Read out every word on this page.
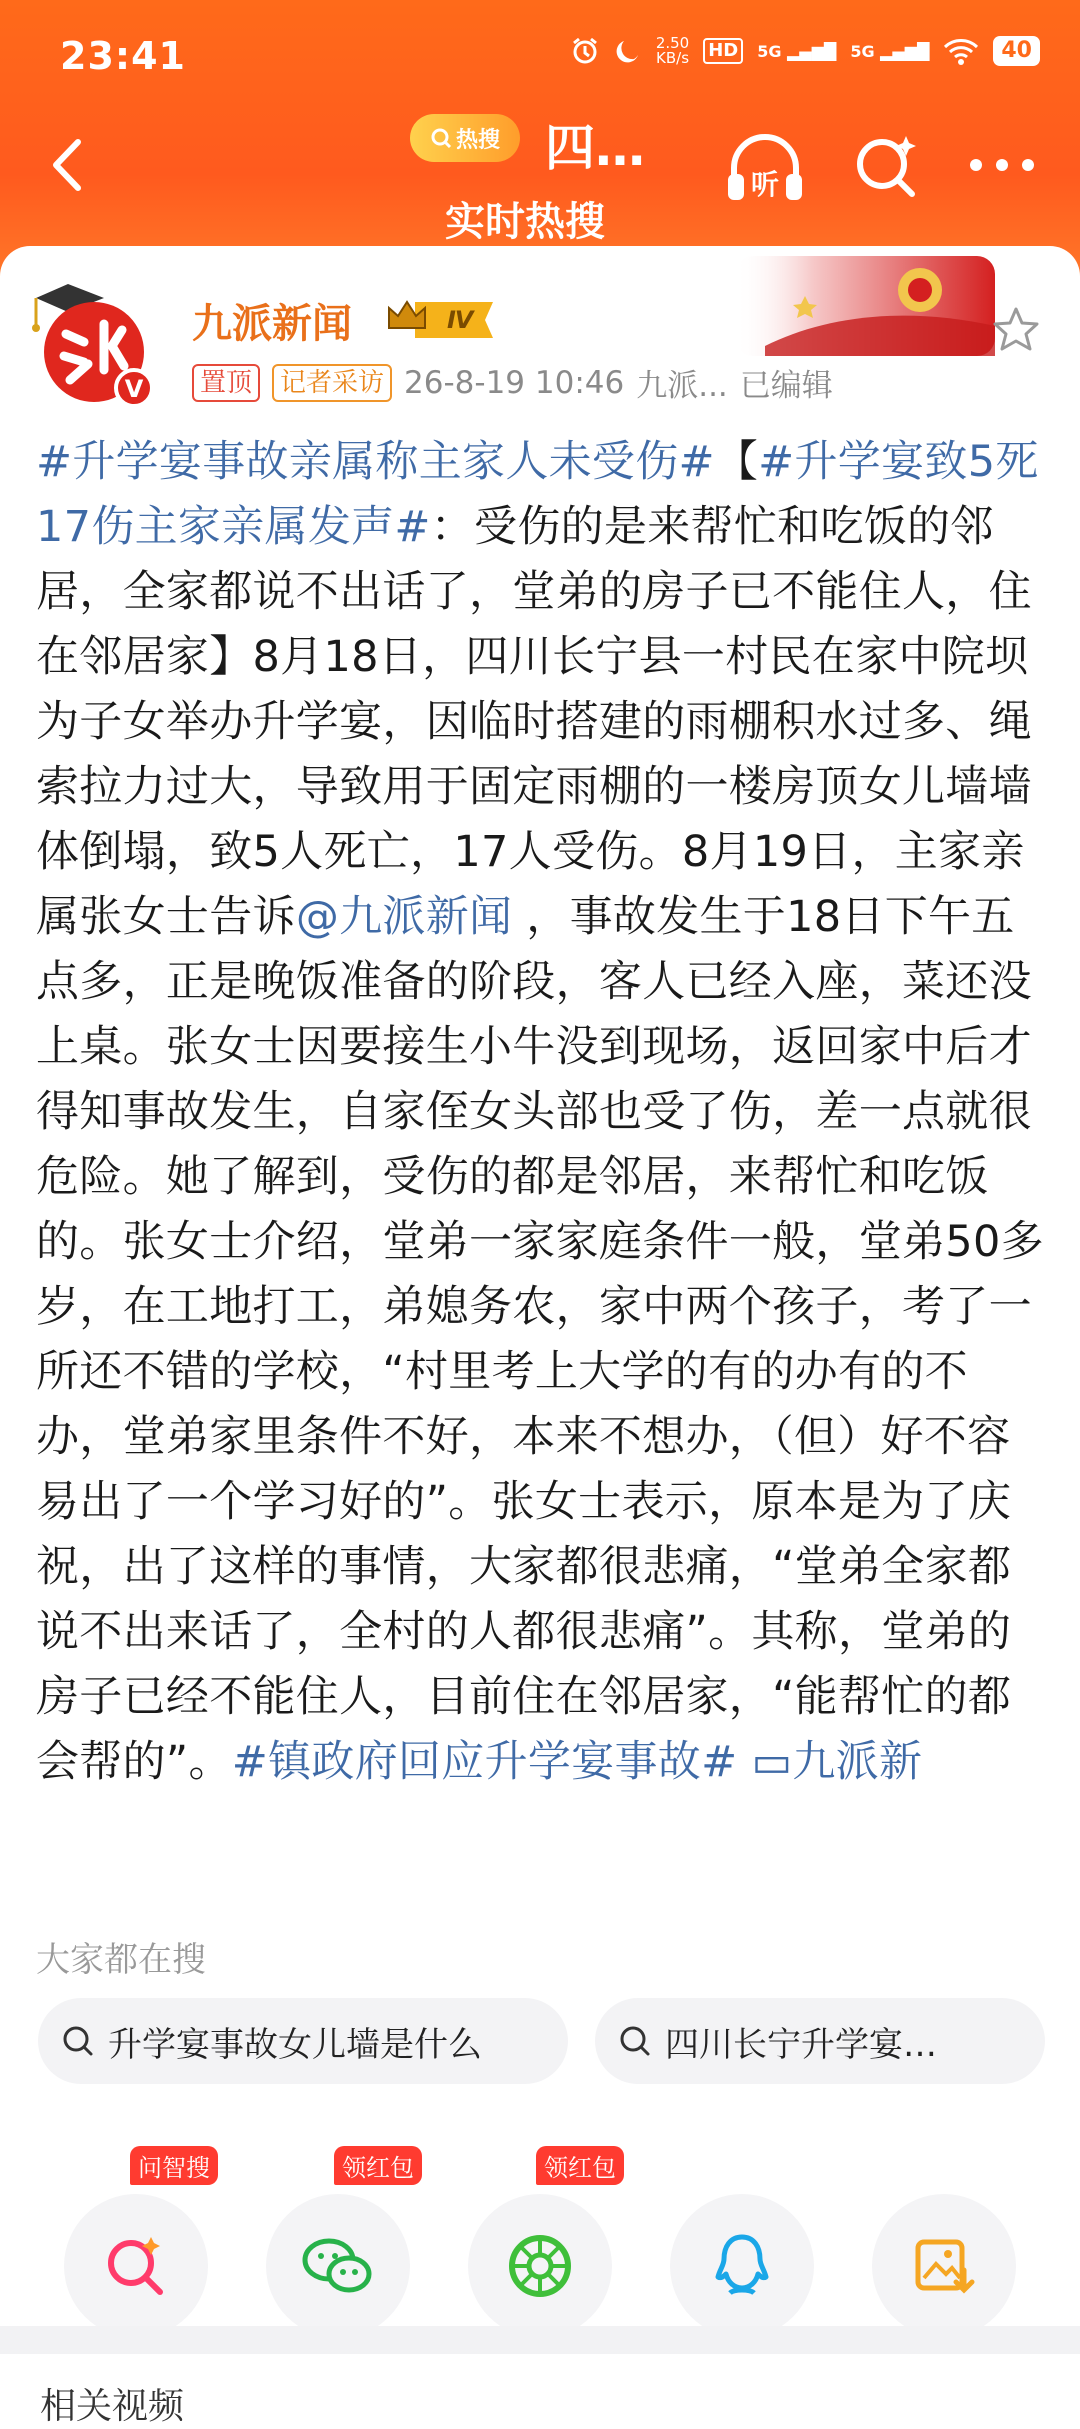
23:41	2.50
KB/s HD	5G ▂▄▆█ 5G ▂▄▆█	40
热搜 四…
实时热搜
听
V
九派新闻	Ⅳ
置顶	记者采访 26-8-19 10:46 九派... 已编辑
#升学宴事故亲属称主家人未受伤#【#升学宴致5死17伤主家亲属发声#：受伤的是来帮忙和吃饭的邻居，全家都说不出话了，堂弟的房子已不能住人，住在邻居家】8月18日，四川长宁县一村民在家中院坝为子女举办升学宴，因临时搭建的雨棚积水过多、绳索拉力过大，导致用于固定雨棚的一楼房顶女儿墙墙体倒塌，致5人死亡，17人受伤。8月19日，主家亲属张女士告诉@九派新闻 ，事故发生于18日下午五点多，正是晚饭准备的阶段，客人已经入座，菜还没上桌。张女士因要接生小牛没到现场，返回家中后才得知事故发生，自家侄女头部也受了伤，差一点就很危险。她了解到，受伤的都是邻居，来帮忙和吃饭的。张女士介绍，堂弟一家家庭条件一般，堂弟50多岁，在工地打工，弟媳务农，家中两个孩子，考了一所还不错的学校，“村里考上大学的有的办有的不办，堂弟家里条件不好，本来不想办，（但）好不容易出了一个学习好的”。张女士表示，原本是为了庆祝，出了这样的事情，大家都很悲痛，“堂弟全家都说不出来话了，全村的人都很悲痛”。其称，堂弟的房子已经不能住人，目前住在邻居家，“能帮忙的都会帮的”。#镇政府回应升学宴事故# ▭九派新
大家都在搜
升学宴事故女儿墙是什么	四川长宁升学宴…
问智搜	领红包	领红包
相关视频
